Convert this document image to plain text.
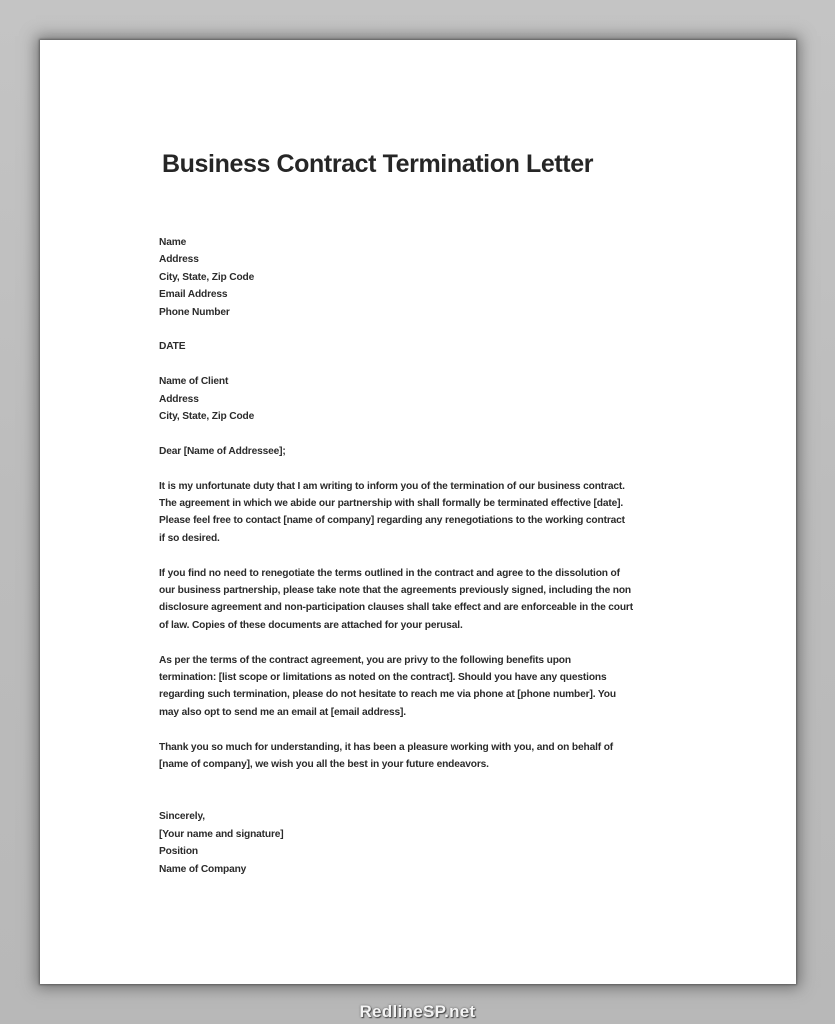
Business Contract Termination Letter
Name
Address
City, State, Zip Code
Email Address
Phone Number
DATE
Name of Client
Address
City, State, Zip Code
Dear [Name of Addressee];
It is my unfortunate duty that I am writing to inform you of the termination of our business contract.
The agreement in which we abide our partnership with shall formally be terminated effective [date].
Please feel free to contact [name of company] regarding any renegotiations to the working contract
if so desired.
If you find no need to renegotiate the terms outlined in the contract and agree to the dissolution of
our business partnership, please take note that the agreements previously signed, including the non
disclosure agreement and non-participation clauses shall take effect and are enforceable in the court
of law. Copies of these documents are attached for your perusal.
As per the terms of the contract agreement, you are privy to the following benefits upon
termination: [list scope or limitations as noted on the contract]. Should you have any questions
regarding such termination, please do not hesitate to reach me via phone at [phone number]. You
may also opt to send me an email at [email address].
Thank you so much for understanding, it has been a pleasure working with you, and on behalf of
[name of company], we wish you all the best in your future endeavors.
Sincerely,
[Your name and signature]
Position
Name of Company
RedlineSP.net
